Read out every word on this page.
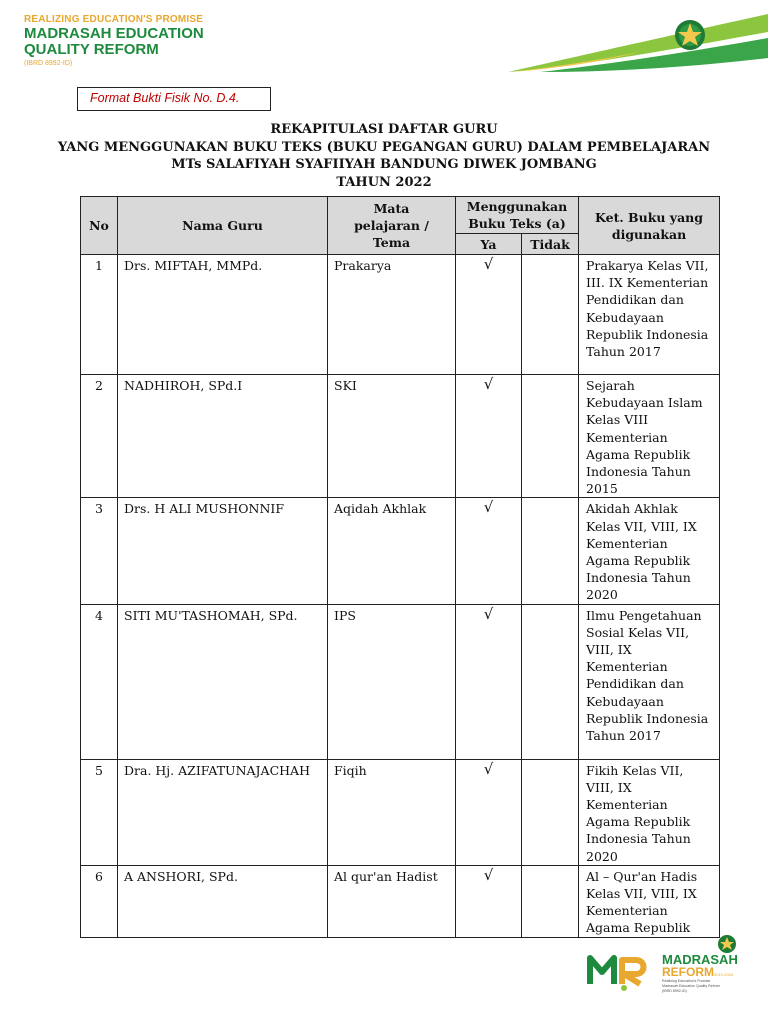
REALIZING EDUCATION'S PROMISE
MADRASAH EDUCATION
QUALITY REFORM
(IBRD 8992-ID)
Format Bukti Fisik No. D.4.
REKAPITULASI DAFTAR GURU
YANG MENGGUNAKAN BUKU TEKS (BUKU PEGANGAN GURU) DALAM PEMBELAJARAN
MTs SALAFIYAH SYAFIIYAH BANDUNG DIWEK JOMBANG
TAHUN 2022
No	Nama Guru	Mata pelajaran / Tema	Menggunakan Buku Teks (a)		Ket. Buku yang digunakan
			Ya	Tidak	
1	Drs. MIFTAH, MMPd.	Prakarya	√		Prakarya Kelas VII, III. IX Kementerian Pendidikan dan Kebudayaan Republik Indonesia Tahun 2017
2	NADHIROH, SPd.I	SKI	√		Sejarah Kebudayaan Islam Kelas VIII Kementerian Agama Republik Indonesia Tahun 2015
3	Drs. H ALI MUSHONNIF	Aqidah Akhlak	√		Akidah Akhlak Kelas VII, VIII, IX Kementerian Agama Republik Indonesia Tahun 2020
4	SITI MU'TASHOMAH, SPd.	IPS	√		Ilmu Pengetahuan Sosial Kelas VII, VIII, IX Kementerian Pendidikan dan Kebudayaan Republik Indonesia Tahun 2017
5	Dra. Hj. AZIFATUNAJACHAH	Fiqih	√		Fikih Kelas VII, VIII, IX Kementerian Agama Republik Indonesia Tahun 2020
6	A ANSHORI, SPd.	Al qur'an Hadist	√		Al – Qur'an Hadis Kelas VII, VIII, IX Kementerian Agama Republik
MADRASAH
REFORM 2019-2024
Realizing Education's Promise
Madrasah Education Quality Reform
(IBRD 8992-ID)
